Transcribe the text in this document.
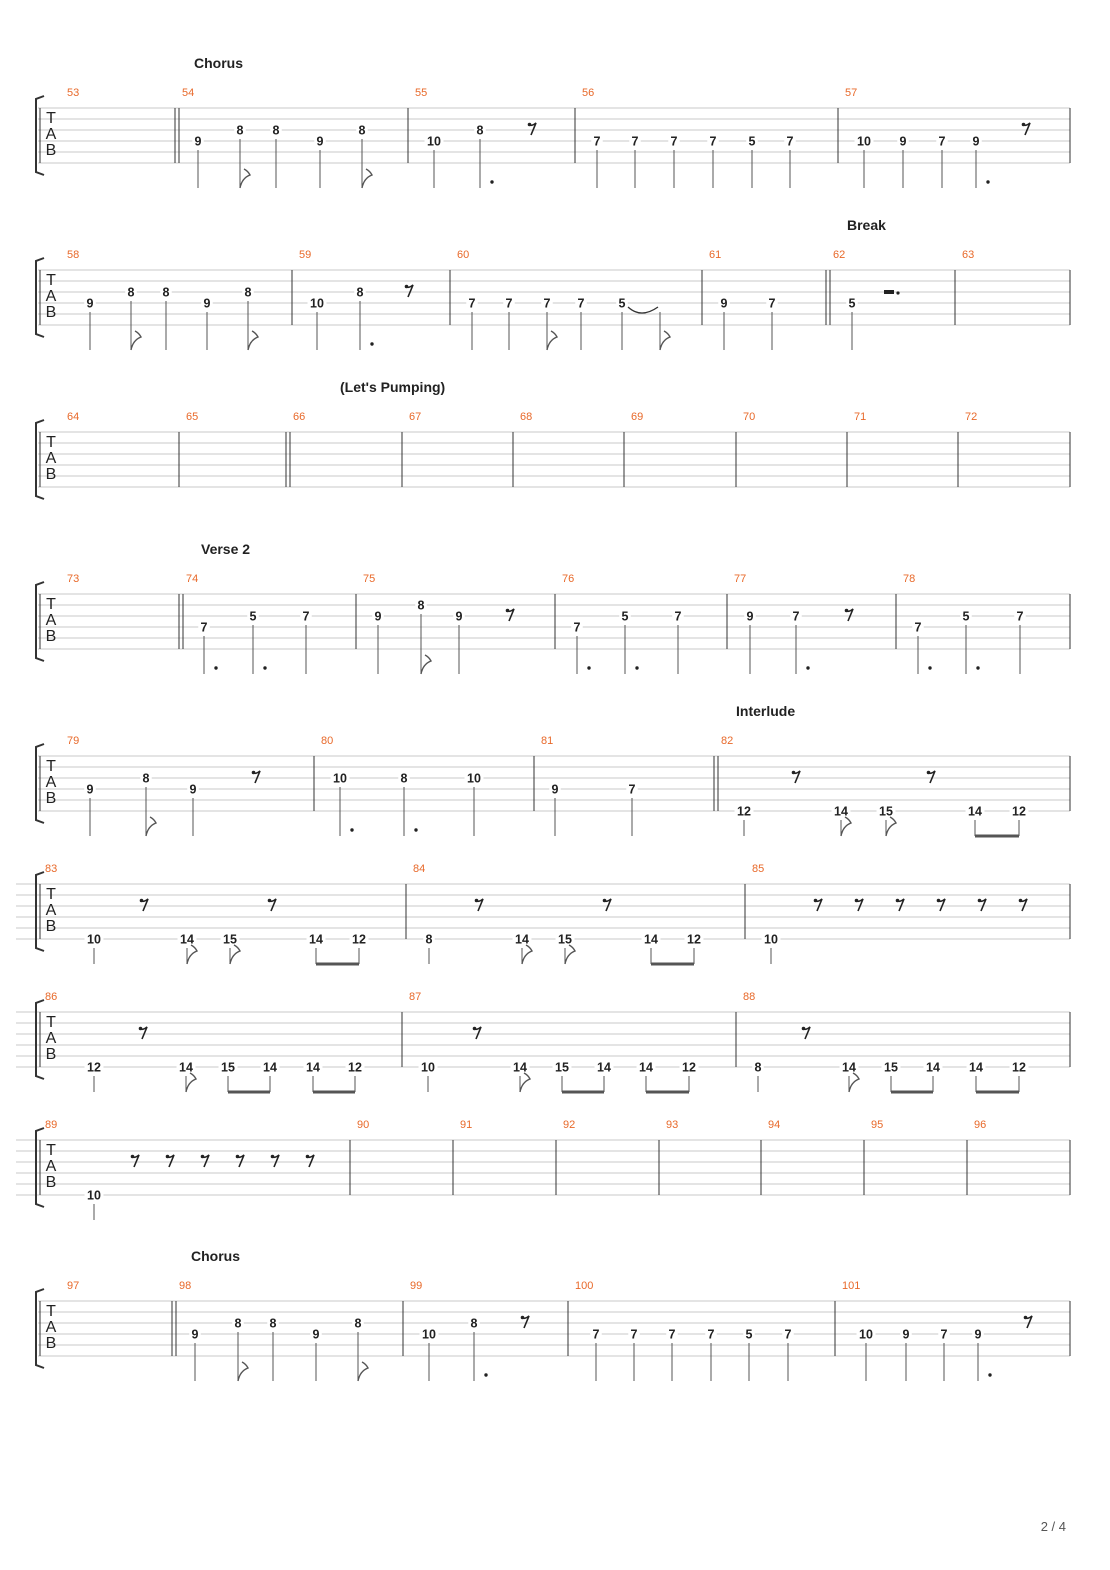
T
A
B
Chorus
53	54
9
8 8
9
8
55
10
8
56
7 7	7	7	5 7
57
10 9	7 9
T
A
B
Break
58
9
8 8
9
8
59
10
8
60
7 7 7 7	5
61
9	7
62
5
63
T
A
B
(Let's Pumping)
64	65	66	67	68	69	70	71	72
T
A
B
Verse 2
73	74
7
5	7
75
9
8
9
76
7
5	7
77
9	7
78
7
5	7
T
A
B
Interlude
79
9
8
9
80
10	8	10
81
9	7
82
12	14 15	14 12
T
A
B
83
10	14 15	14 12
84
8	14 15	14 12
85
10
T
A
B
86
12	14 15 14 14 12
87
10	14 15 14 14 12
88
8	14 15 14 14 12
T
A
B
89
10
90	91	92	93	94	95	96
T
A
B
Chorus
97	98
9
8 8
9
8
99
10
8
100
7 7 7	7 5	7
101
10 9 7 9
2 / 4
